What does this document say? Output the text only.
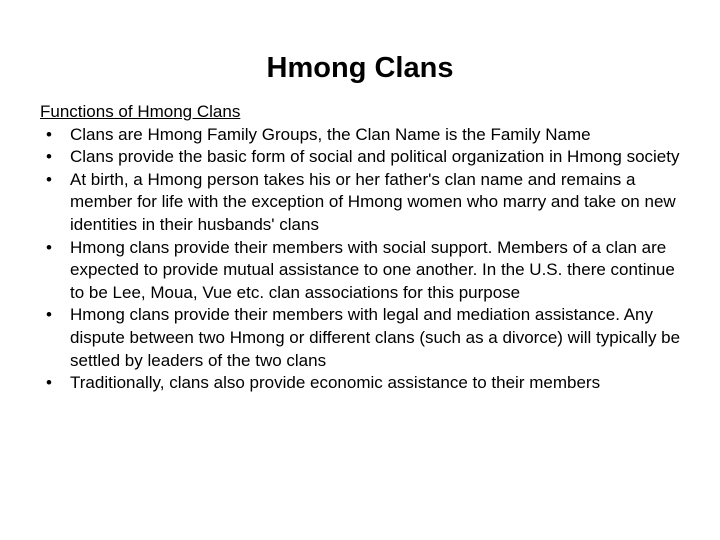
Hmong Clans

Functions of Hmong Clans

•	Clans are Hmong Family Groups, the Clan Name is the Family Name
•	Clans provide the basic form of social and political organization in Hmong society
•	At birth, a Hmong person takes his or her father's clan name and remains a member for life with the exception of Hmong women who marry and take on new identities in their husbands' clans
•	Hmong clans provide their members with social support. Members of a clan are expected to provide mutual assistance to one another. In the U.S. there continue to be Lee, Moua, Vue etc. clan associations for this purpose
•	Hmong clans provide their members with legal and mediation assistance. Any dispute between two Hmong or different clans (such as a divorce) will typically be settled by leaders of the two clans
•	Traditionally, clans also provide economic assistance to their members
